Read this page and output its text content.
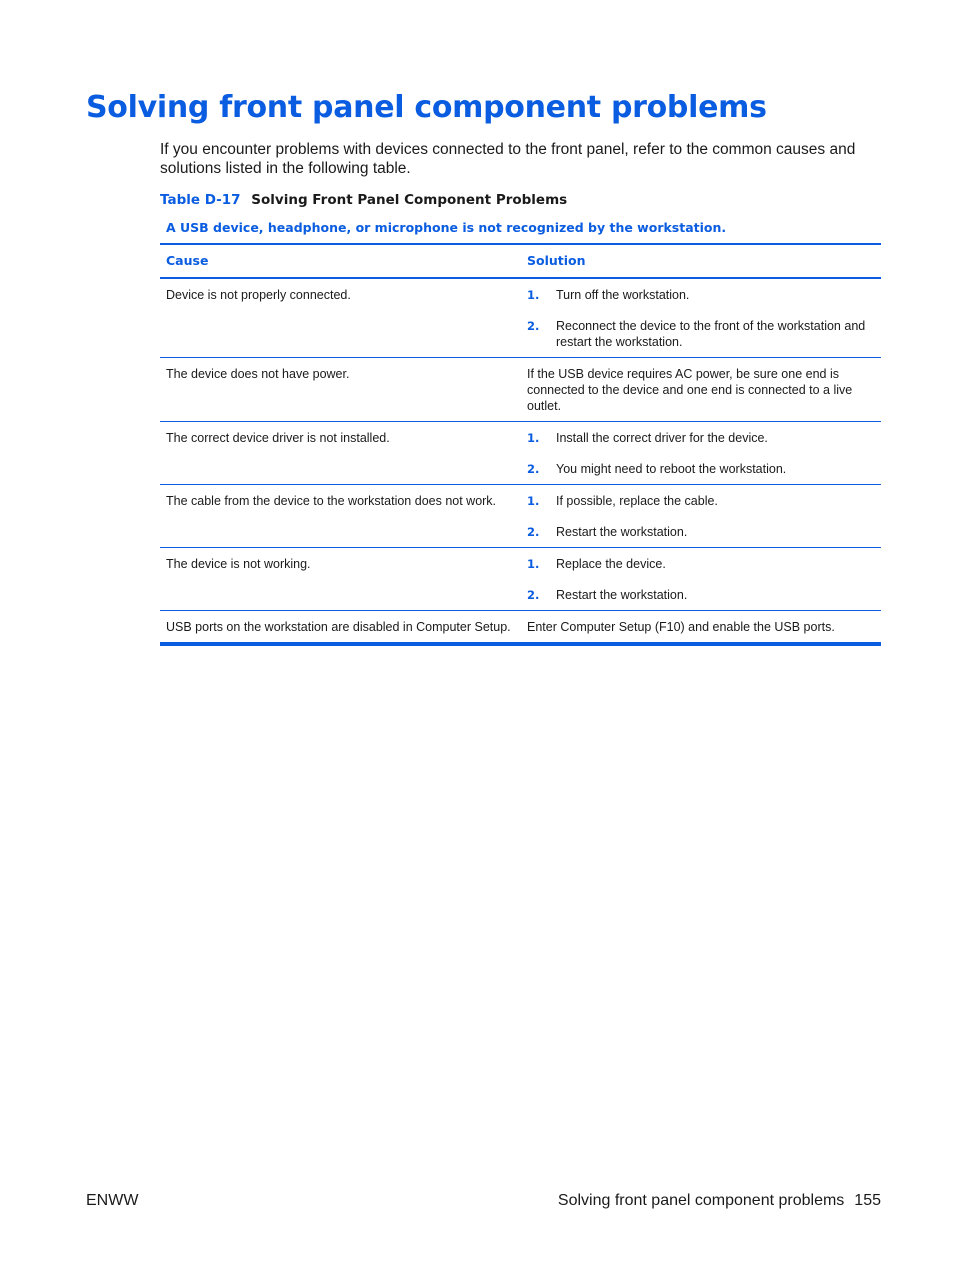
Solving front panel component problems

If you encounter problems with devices connected to the front panel, refer to the common causes and solutions listed in the following table.

Table D-17 Solving Front Panel Component Problems
A USB device, headphone, or microphone is not recognized by the workstation.
Cause	Solution
Device is not properly connected.	1.	Turn off the workstation.
2.	Reconnect the device to the front of the workstation and restart the workstation.
The device does not have power.	If the USB device requires AC power, be sure one end is connected to the device and one end is connected to a live outlet.
The correct device driver is not installed.	1.	Install the correct driver for the device.
2.	You might need to reboot the workstation.
The cable from the device to the workstation does not work.	1.	If possible, replace the cable.
2.	Restart the workstation.
The device is not working.	1.	Replace the device.
2.	Restart the workstation.
USB ports on the workstation are disabled in Computer Setup.	Enter Computer Setup (F10) and enable the USB ports.
ENWW	Solving front panel component problems 155
